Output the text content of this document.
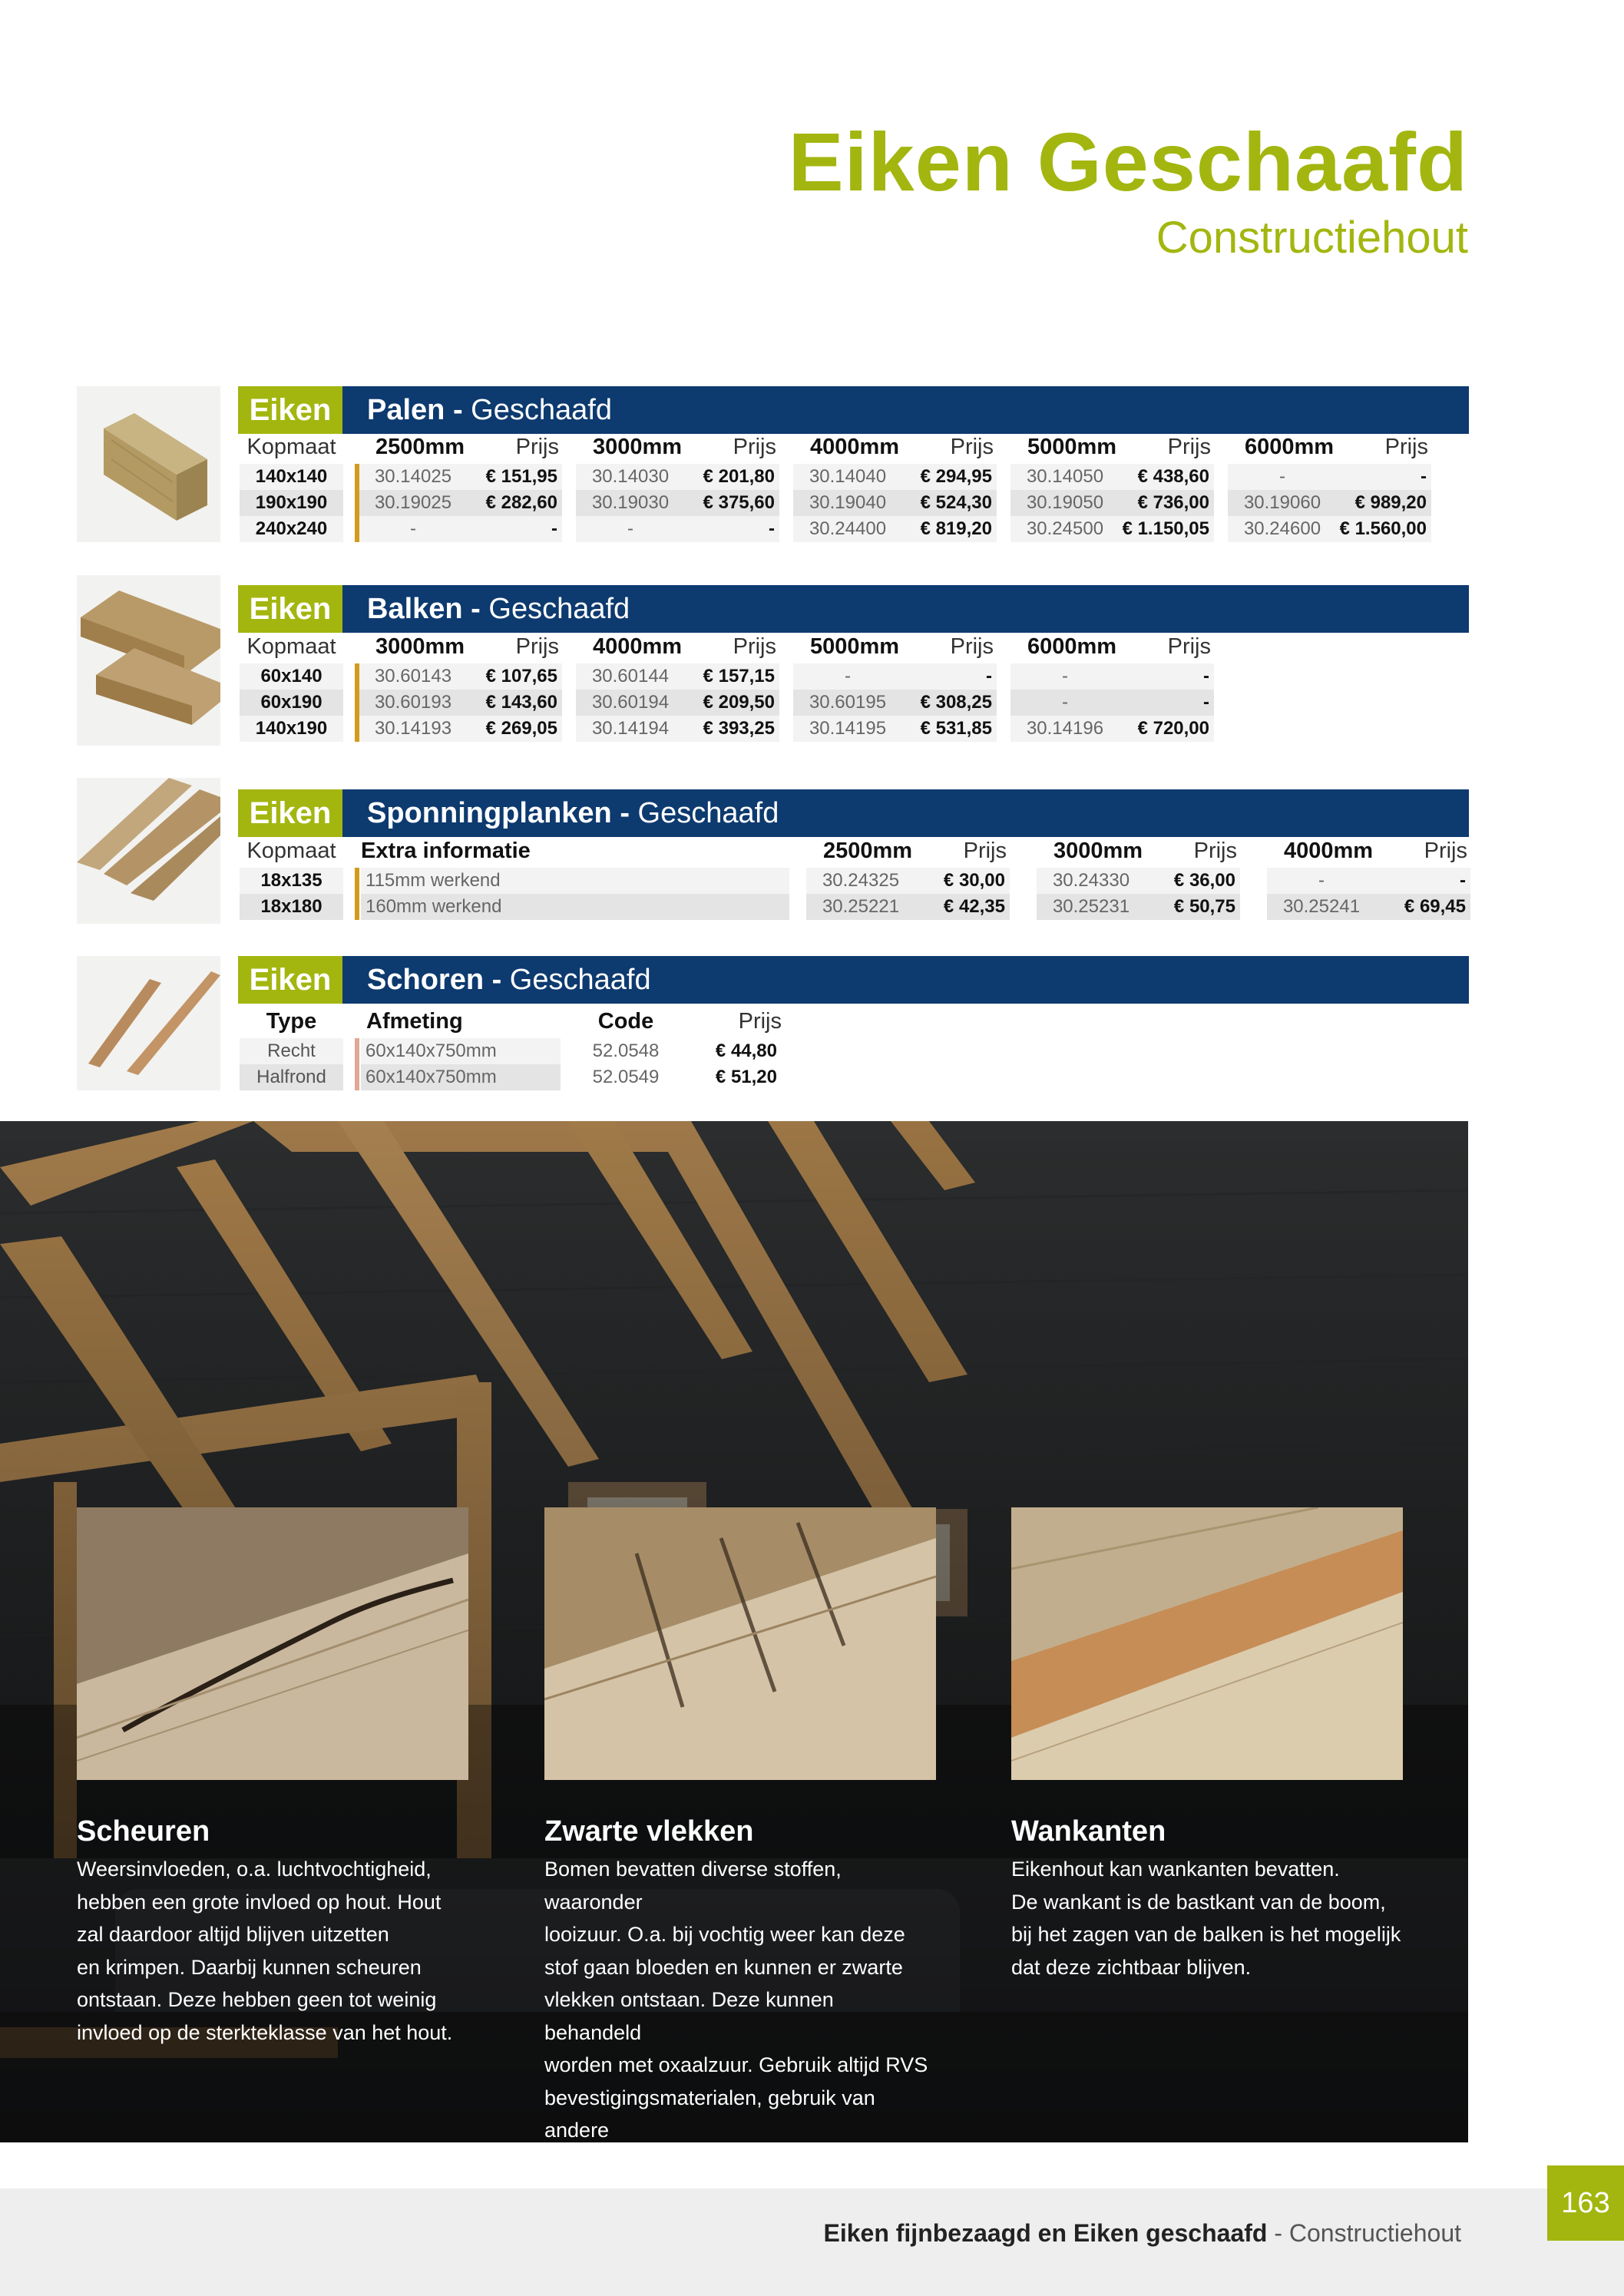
Eiken Geschaafd
Constructiehout
Eiken	Palen - Geschaafd
Kopmaat	2500mm	Prijs 3000mm	Prijs 4000mm	Prijs 5000mm	Prijs 6000mm	Prijs
140x140	30.14025	€ 151,95	30.14030	€ 201,80	30.14040	€ 294,95	30.14050	€ 438,60	-	-
190x190	30.19025	€ 282,60	30.19030	€ 375,60	30.19040	€ 524,30	30.19050	€ 736,00	30.19060	€ 989,20
240x240	-	-	-	-	30.24400	€ 819,20	30.24500	€ 1.150,05	30.24600	€ 1.560,00
Eiken	Balken - Geschaafd
Kopmaat	3000mm	Prijs 4000mm	Prijs 5000mm	Prijs 6000mm	Prijs
60x140	30.60143	€ 107,65	30.60144	€ 157,15	-	-	-	-
60x190	30.60193	€ 143,60	30.60194	€ 209,50	30.60195	€ 308,25	-	-
140x190	30.14193	€ 269,05	30.14194	€ 393,25	30.14195	€ 531,85	30.14196	€ 720,00
Eiken	Sponningplanken - Geschaafd
Kopmaat	Extra informatie	2500mm	Prijs 3000mm	Prijs 4000mm	Prijs
18x135	115mm werkend	30.24325	€ 30,00	30.24330	€ 36,00	-	-
18x180	160mm werkend	30.25221	€ 42,35	30.25231	€ 50,75	30.25241	€ 69,45
Eiken	Schoren - Geschaafd
Type	Afmeting	Code	Prijs
Recht	60x140x750mm	52.0548	€ 44,80
Halfrond	60x140x750mm	52.0549	€ 51,20
Scheuren

Weersinvloeden, o.a. luchtvochtigheid,
hebben een grote invloed op hout. Hout
zal daardoor altijd blijven uitzetten
en krimpen. Daarbij kunnen scheuren
ontstaan. Deze hebben geen tot weinig
invloed op de sterkteklasse van het hout.

Zwarte vlekken

Bomen bevatten diverse stoffen, waaronder
looizuur. O.a. bij vochtig weer kan deze
stof gaan bloeden en kunnen er zwarte
vlekken ontstaan. Deze kunnen behandeld
worden met oxaalzuur. Gebruik altijd RVS
bevestigingsmaterialen, gebruik van andere
materialen kan ook resulteren in zwarte

Wankanten

Eikenhout kan wankanten bevatten.
De wankant is de bastkant van de boom,
bij het zagen van de balken is het mogelijk
dat deze zichtbaar blijven.

163
Eiken fijnbezaagd en Eiken geschaafd - Constructiehout
